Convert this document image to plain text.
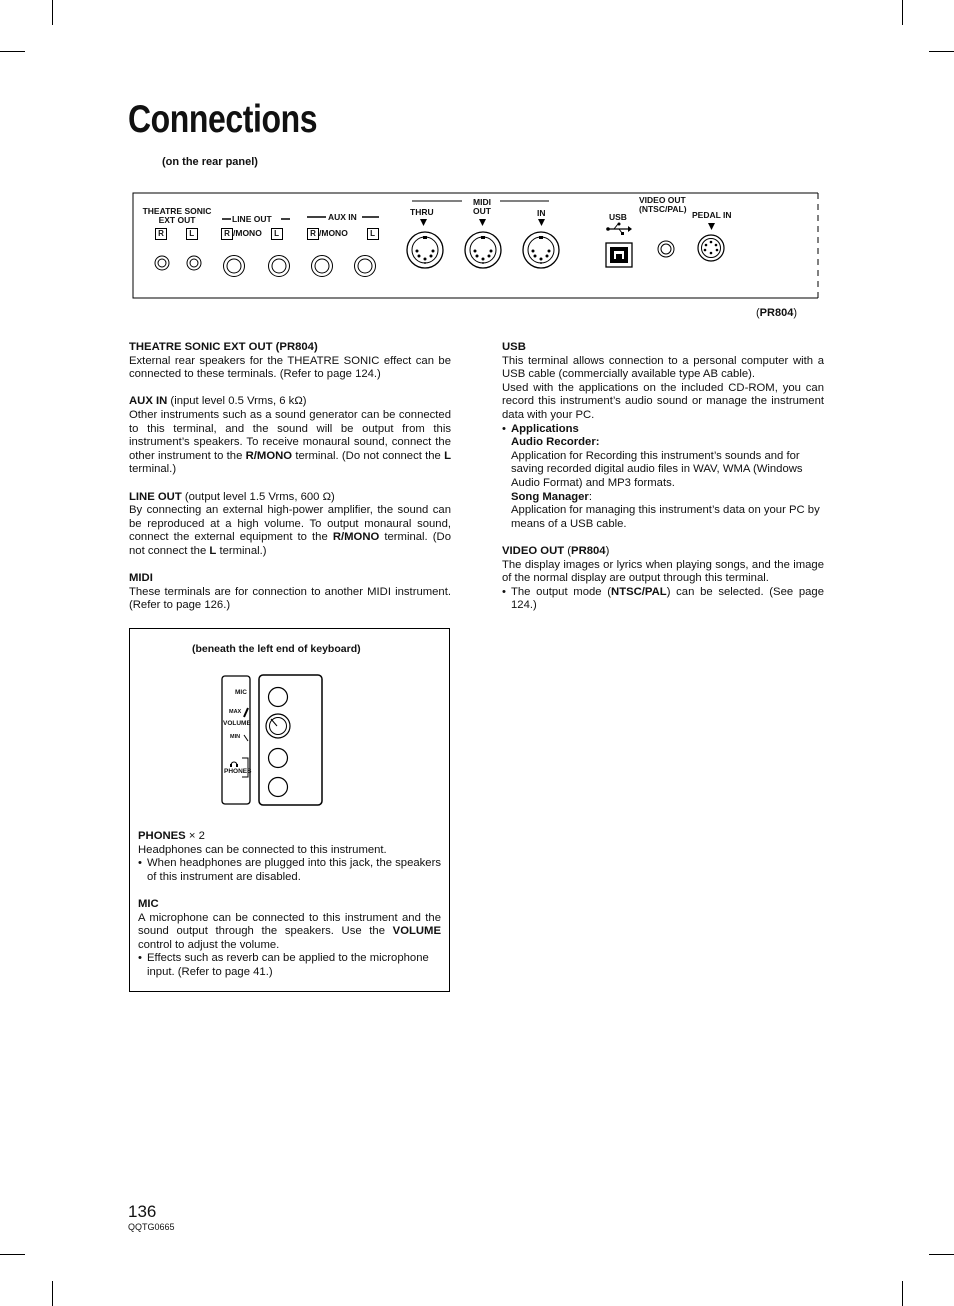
Connections
(on the rear panel)
THEATRE SONIC
EXT OUT
R	L
LINE OUT
R /MONO L
AUX IN
R /MONO	L
THRU
MIDI
OUT	IN	USB
VIDEO OUT
(NTSC/PAL)
PEDAL IN
(PR804)

THEATRE SONIC EXT OUT (PR804)

External rear speakers for the THEATRE SONIC effect can be connected to these terminals. (Refer to page 124.)

AUX IN (input level 0.5 Vrms, 6 kΩ)

Other instruments such as a sound generator can be connected to this terminal, and the sound will be output from this instrument’s speakers. To receive monaural sound, connect the other instrument to the R/MONO terminal. (Do not connect the L terminal.)

LINE OUT (output level 1.5 Vrms, 600 Ω)

By connecting an external high-power amplifier, the sound can be reproduced at a high volume. To output monaural sound, connect the external equipment to the R/MONO terminal. (Do not connect the L terminal.)

MIDI

These terminals are for connection to another MIDI instrument. (Refer to page 126.)

USB

This terminal allows connection to a personal computer with a USB cable (commercially available type AB cable).

Used with the applications on the included CD-ROM, you can record this instrument’s audio sound or manage the instrument data with your PC.

• Applications

Audio Recorder:

Application for Recording this instrument’s sounds and for saving recorded digital audio files in WAV, WMA (Windows Audio Format) and MP3 formats.

Song Manager:

Application for managing this instrument’s data on your PC by means of a USB cable.

VIDEO OUT (PR804)

The display images or lyrics when playing songs, and the image of the normal display are output through this terminal.

• The output mode (NTSC/PAL) can be selected. (See page 124.)
(beneath the left end of keyboard)
MIC
MAX
VOLUME
MIN
PHONES

PHONES × 2

Headphones can be connected to this instrument.

• When headphones are plugged into this jack, the speakers of this instrument are disabled.

MIC

A microphone can be connected to this instrument and the sound output through the speakers. Use the VOLUME control to adjust the volume.

• Effects such as reverb can be applied to the microphone input. (Refer to page 41.)
136
QQTG0665
